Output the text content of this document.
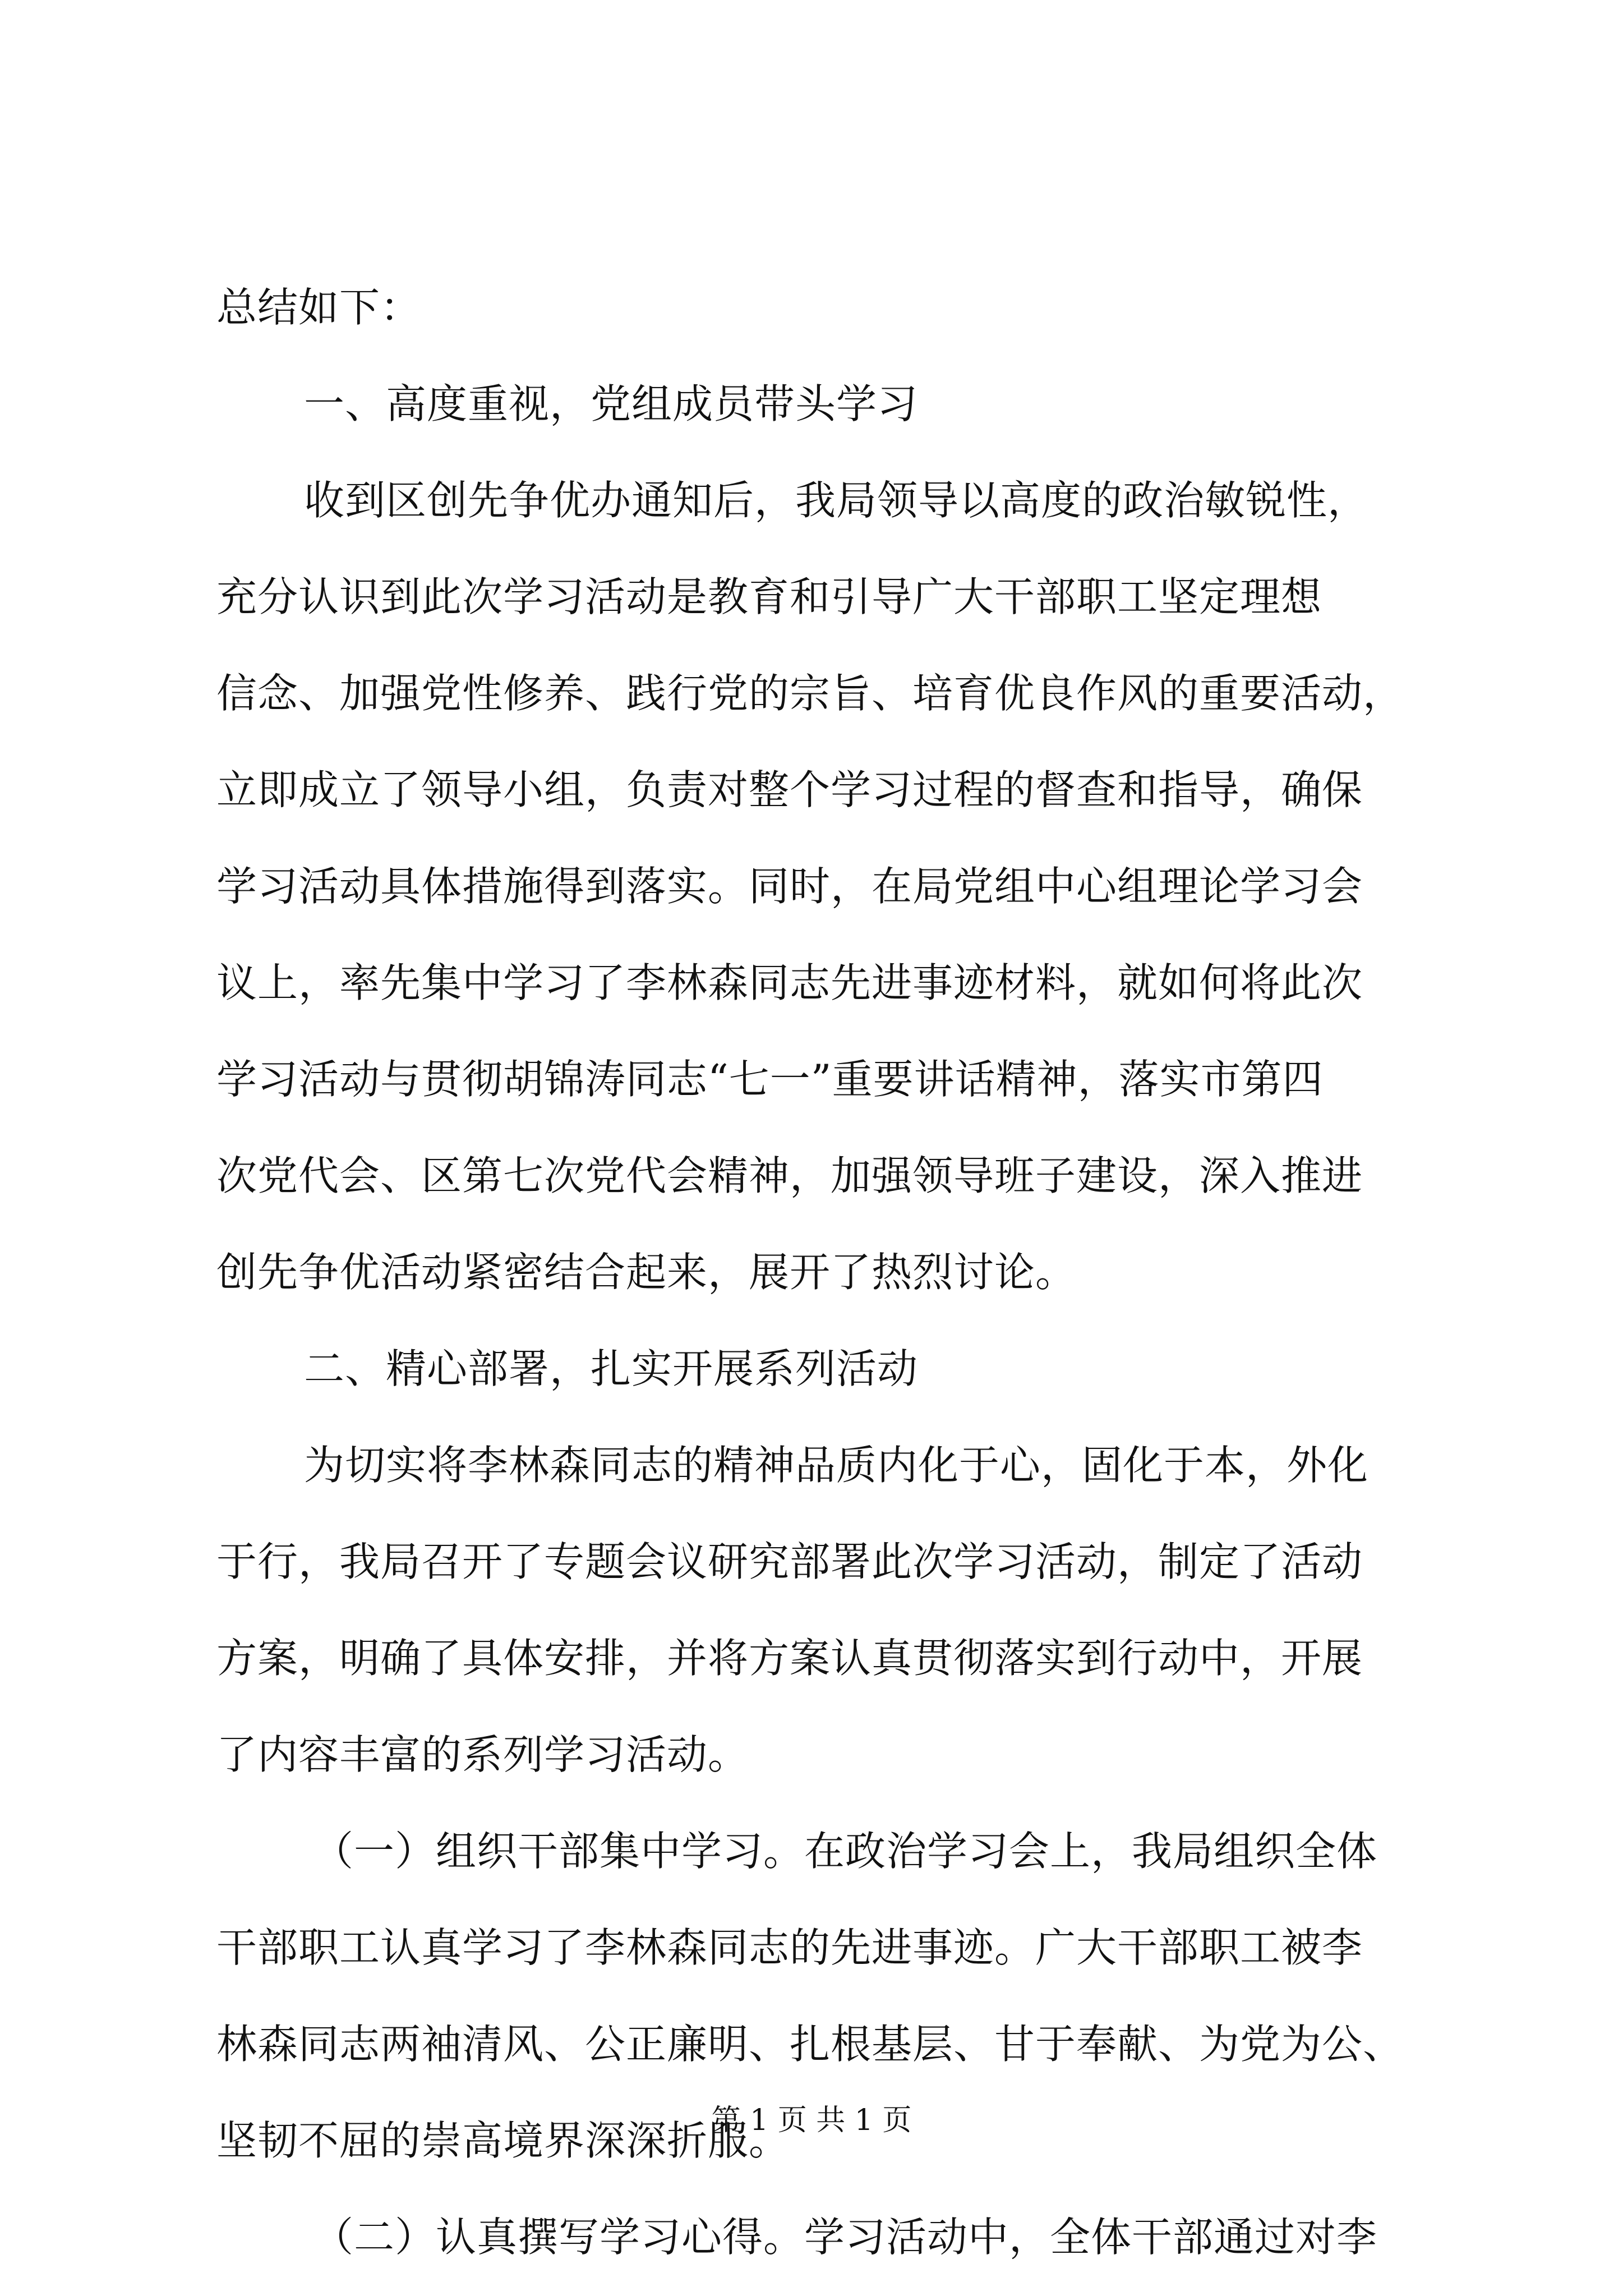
总结如下：
一、高度重视，党组成员带头学习
收到区创先争优办通知后，我局领导以高度的政治敏锐性，
充分认识到此次学习活动是教育和引导广大干部职工坚定理想
信念、加强党性修养、践行党的宗旨、培育优良作风的重要活动，
立即成立了领导小组，负责对整个学习过程的督查和指导，确保
学习活动具体措施得到落实。同时，在局党组中心组理论学习会
议上，率先集中学习了李林森同志先进事迹材料，就如何将此次
学习活动与贯彻胡锦涛同志“七一”重要讲话精神，落实市第四
次党代会、区第七次党代会精神，加强领导班子建设，深入推进
创先争优活动紧密结合起来，展开了热烈讨论。
二、精心部署，扎实开展系列活动
为切实将李林森同志的精神品质内化于心，固化于本，外化
于行，我局召开了专题会议研究部署此次学习活动，制定了活动
方案，明确了具体安排，并将方案认真贯彻落实到行动中，开展
了内容丰富的系列学习活动。
（一）组织干部集中学习。在政治学习会上，我局组织全体
干部职工认真学习了李林森同志的先进事迹。广大干部职工被李
林森同志两袖清风、公正廉明、扎根基层、甘于奉献、为党为公、
坚韧不屈的崇高境界深深折服。
（二）认真撰写学习心得。学习活动中，全体干部通过对李
第 1 页 共 1 页
